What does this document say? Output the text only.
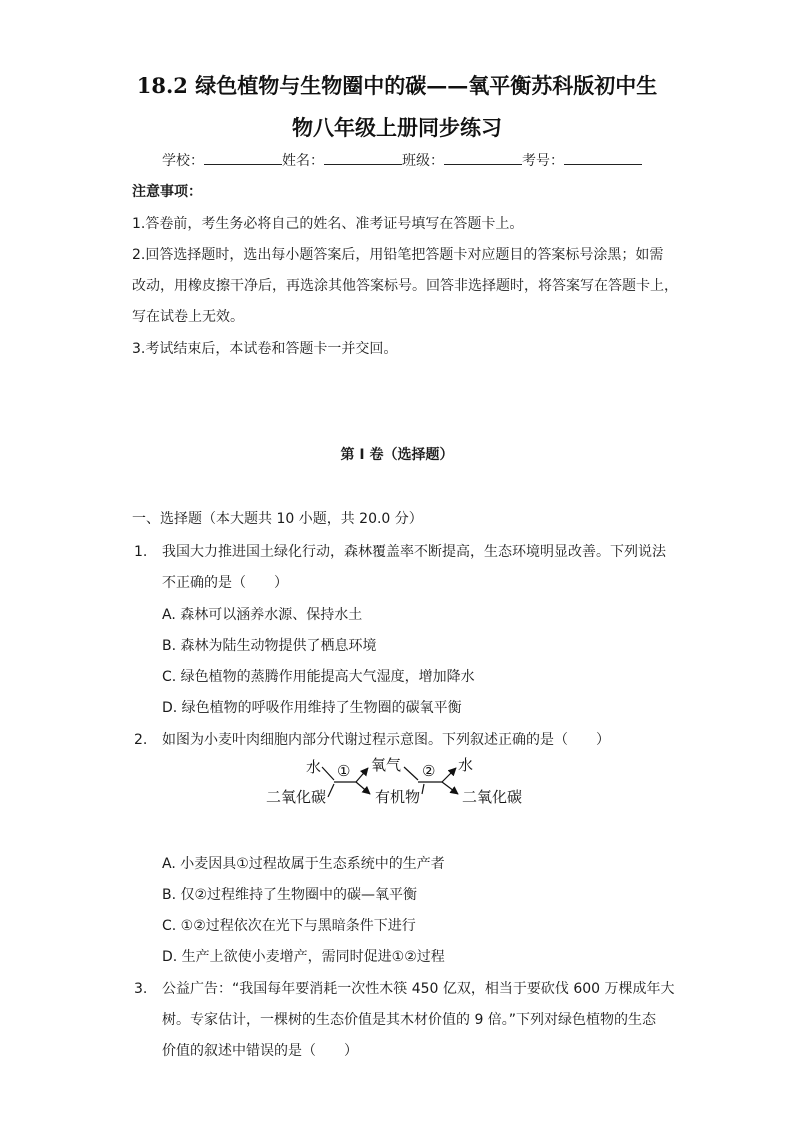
18.2 绿色植物与生物圈中的碳——氧平衡苏科版初中生
物八年级上册同步练习
学校：	姓名：	班级：	考号：
注意事项：
1.答卷前，考生务必将自己的姓名、准考证号填写在答题卡上。
2.回答选择题时，选出每小题答案后，用铅笔把答题卡对应题目的答案标号涂黑；如需
改动，用橡皮擦干净后，再选涂其他答案标号。回答非选择题时，将答案写在答题卡上，
写在试卷上无效。
3.考试结束后，本试卷和答题卡一并交回。
第 I 卷（选择题）
一、选择题（本大题共 10 小题，共 20.0 分）
1. 我国大力推进国土绿化行动，森林覆盖率不断提高，生态环境明显改善。下列说法
不正确的是（　　）
A. 森林可以涵养水源、保持水土
B. 森林为陆生动物提供了栖息环境
C. 绿色植物的蒸腾作用能提高大气湿度，增加降水
D. 绿色植物的呼吸作用维持了生物圈的碳氧平衡
2. 如图为小麦叶肉细胞内部分代谢过程示意图。下列叙述正确的是（　　）
水
二氧化碳
① 氧气
有机物
② 水
二氧化碳
A. 小麦因具①过程故属于生态系统中的生产者
B. 仅②过程维持了生物圈中的碳—氧平衡
C. ①②过程依次在光下与黑暗条件下进行
D. 生产上欲使小麦增产，需同时促进①②过程
3. 公益广告：“我国每年要消耗一次性木筷 450 亿双，相当于要砍伐 600 万棵成年大
树。专家估计，一棵树的生态价值是其木材价值的 9 倍。”下列对绿色植物的生态
价值的叙述中错误的是（　　）
